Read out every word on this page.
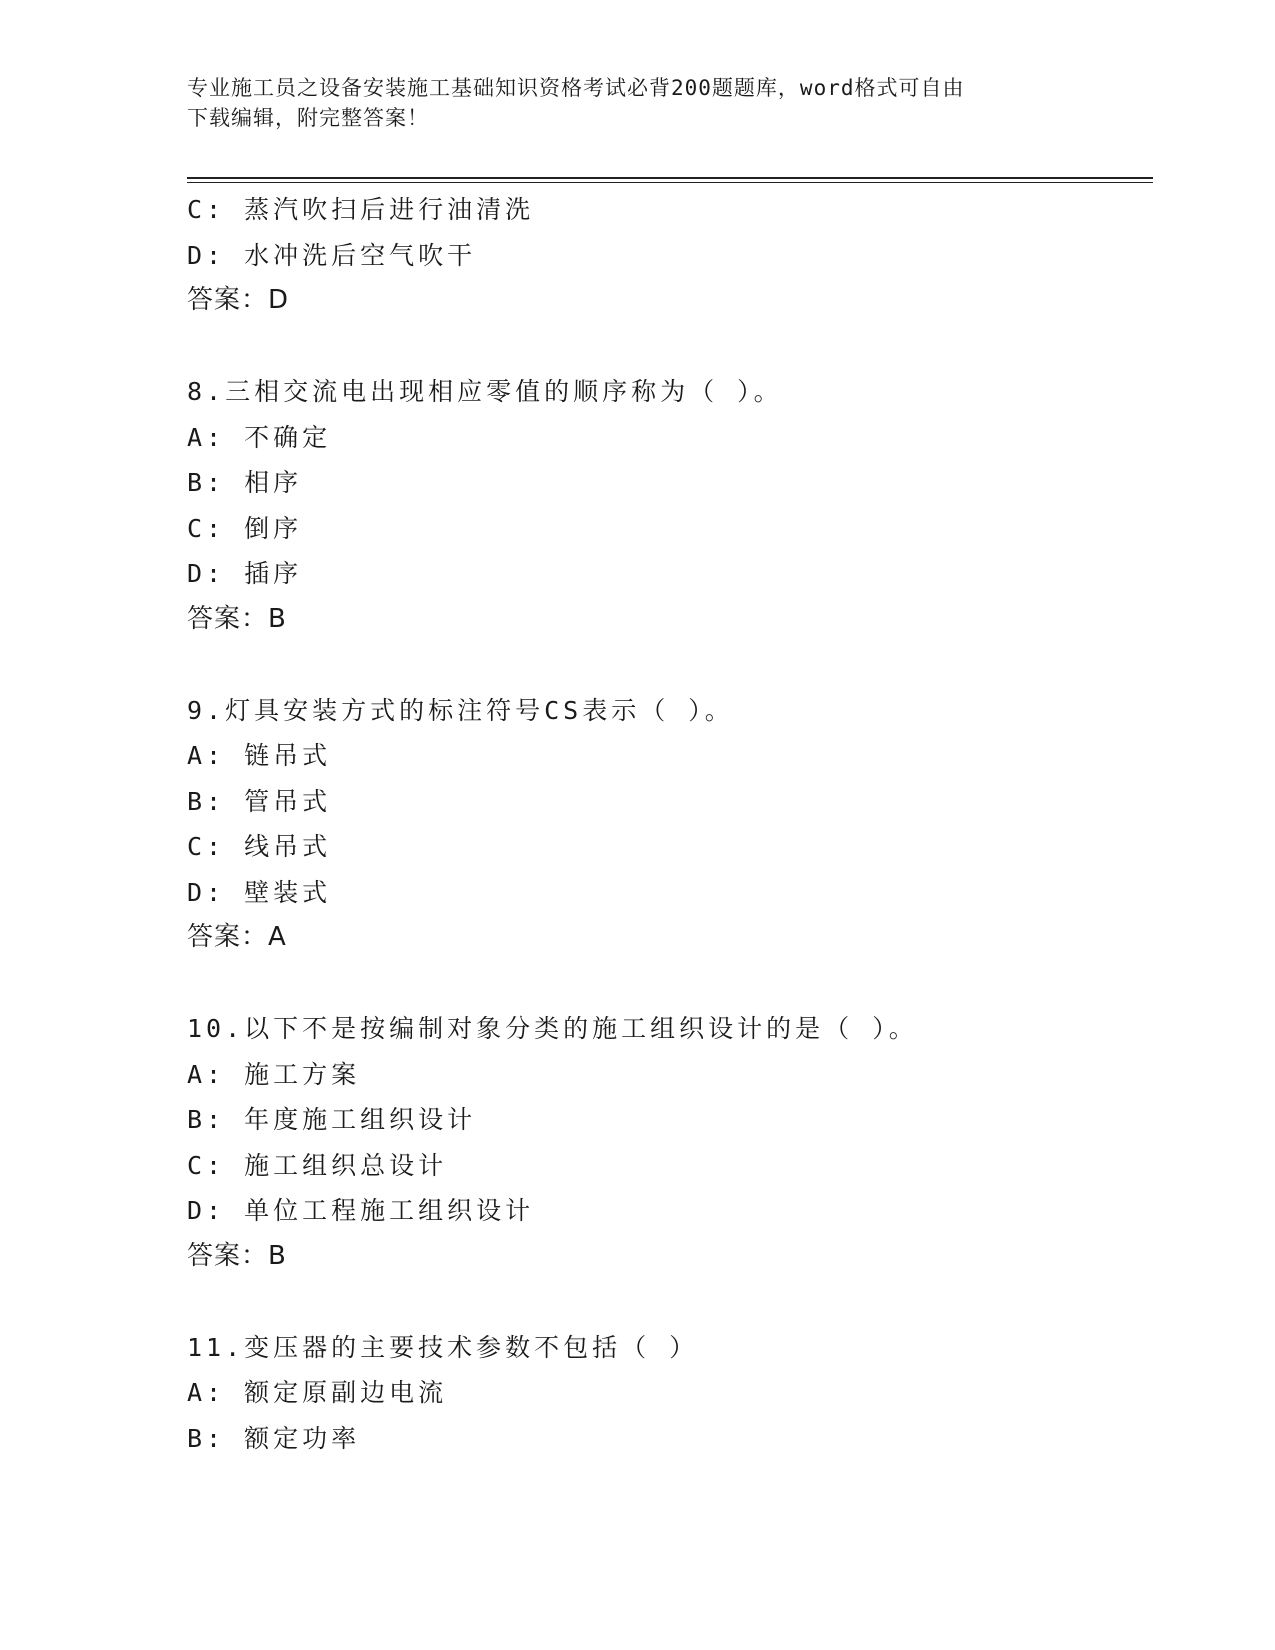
专业施工员之设备安装施工基础知识资格考试必背200题题库，word格式可自由
下载编辑，附完整答案！
C: 蒸汽吹扫后进行油清洗
D: 水冲洗后空气吹干
答案：D
8.三相交流电出现相应零值的顺序称为（ ）。
A: 不确定
B: 相序
C: 倒序
D: 插序
答案：B
9.灯具安装方式的标注符号CS表示（ ）。
A: 链吊式
B: 管吊式
C: 线吊式
D: 壁装式
答案：A
10.以下不是按编制对象分类的施工组织设计的是（ ）。
A: 施工方案
B: 年度施工组织设计
C: 施工组织总设计
D: 单位工程施工组织设计
答案：B
11.变压器的主要技术参数不包括（ ）
A: 额定原副边电流
B: 额定功率
